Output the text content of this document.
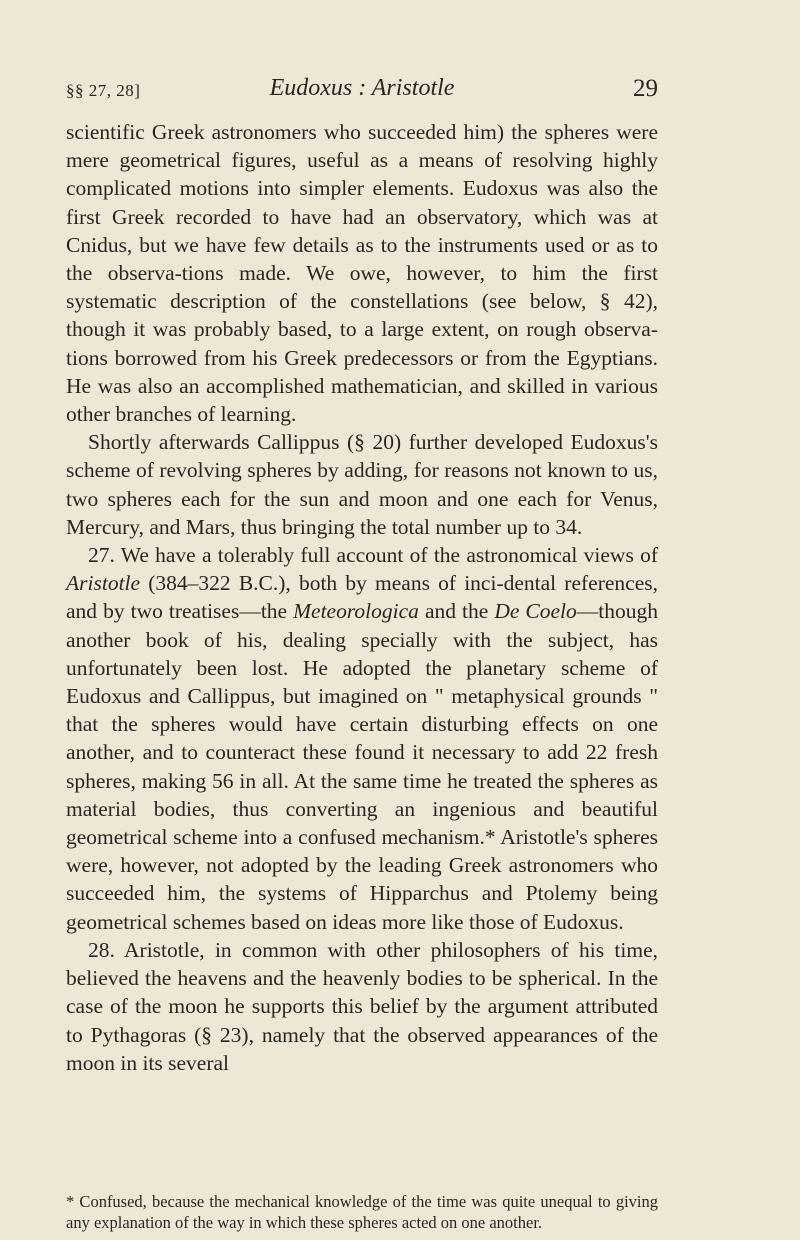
§§ 27, 28]	Eudoxus : Aristotle	29

scientific Greek astronomers who succeeded him) the spheres were mere geometrical figures, useful as a means of resolving highly complicated motions into simpler elements. Eudoxus was also the first Greek recorded to have had an observatory, which was at Cnidus, but we have few details as to the instruments used or as to the observa-tions made. We owe, however, to him the first systematic description of the constellations (see below, § 42), though it was probably based, to a large extent, on rough observa-tions borrowed from his Greek predecessors or from the Egyptians. He was also an accomplished mathematician, and skilled in various other branches of learning.

Shortly afterwards Callippus (§ 20) further developed Eudoxus's scheme of revolving spheres by adding, for reasons not known to us, two spheres each for the sun and moon and one each for Venus, Mercury, and Mars, thus bringing the total number up to 34.

27. We have a tolerably full account of the astronomical views of Aristotle (384–322 B.C.), both by means of inci-dental references, and by two treatises—the Meteorologica and the De Coelo—though another book of his, dealing specially with the subject, has unfortunately been lost. He adopted the planetary scheme of Eudoxus and Callippus, but imagined on " metaphysical grounds " that the spheres would have certain disturbing effects on one another, and to counteract these found it necessary to add 22 fresh spheres, making 56 in all. At the same time he treated the spheres as material bodies, thus converting an ingenious and beautiful geometrical scheme into a confused mechanism.* Aristotle's spheres were, however, not adopted by the leading Greek astronomers who succeeded him, the systems of Hipparchus and Ptolemy being geometrical schemes based on ideas more like those of Eudoxus.

28. Aristotle, in common with other philosophers of his time, believed the heavens and the heavenly bodies to be spherical. In the case of the moon he supports this belief by the argument attributed to Pythagoras (§ 23), namely that the observed appearances of the moon in its several

* Confused, because the mechanical knowledge of the time was quite unequal to giving any explanation of the way in which these spheres acted on one another.
